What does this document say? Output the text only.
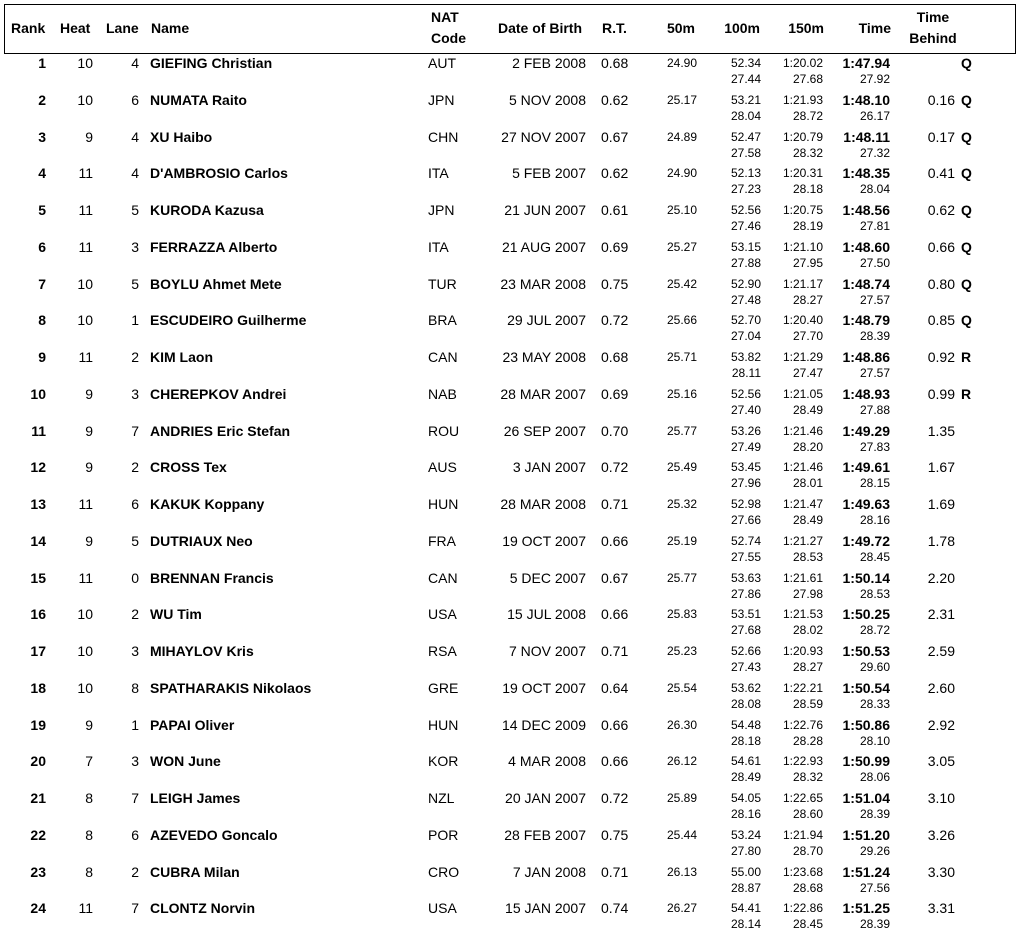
Rank Heat Lane Name
NAT
Code
Date of Birth R.T.	50m	100m	150m	Time
Time
Behind
1	10	4 GIEFING Christian	AUT	2 FEB 2008 0.68	24.90	52.34	1:20.02	1:47.94	Q
27.44	27.68	27.92
2	10	6 NUMATA Raito	JPN	5 NOV 2008 0.62	25.17	53.21	1:21.93	1:48.10	0.16 Q
28.04	28.72	26.17
3	9	4 XU Haibo	CHN	27 NOV 2007 0.67	24.89	52.47	1:20.79	1:48.11	0.17 Q
27.58	28.32	27.32
4	11	4 D'AMBROSIO Carlos	ITA	5 FEB 2007 0.62	24.90	52.13	1:20.31	1:48.35	0.41 Q
27.23	28.18	28.04
5	11	5 KURODA Kazusa	JPN	21 JUN 2007 0.61	25.10	52.56	1:20.75	1:48.56	0.62 Q
27.46	28.19	27.81
6	11	3 FERRAZZA Alberto	ITA	21 AUG 2007 0.69	25.27	53.15	1:21.10	1:48.60	0.66 Q
27.88	27.95	27.50
7	10	5 BOYLU Ahmet Mete	TUR	23 MAR 2008 0.75	25.42	52.90	1:21.17	1:48.74	0.80 Q
27.48	28.27	27.57
8	10	1 ESCUDEIRO Guilherme	BRA	29 JUL 2007 0.72	25.66	52.70	1:20.40	1:48.79	0.85 Q
27.04	27.70	28.39
9	11	2 KIM Laon	CAN	23 MAY 2008 0.68	25.71	53.82	1:21.29	1:48.86	0.92 R
28.11	27.47	27.57
10	9	3 CHEREPKOV Andrei	NAB	28 MAR 2007 0.69	25.16	52.56	1:21.05	1:48.93	0.99 R
27.40	28.49	27.88
11	9	7 ANDRIES Eric Stefan	ROU	26 SEP 2007 0.70	25.77	53.26	1:21.46	1:49.29	1.35
27.49	28.20	27.83
12	9	2 CROSS Tex	AUS	3 JAN 2007 0.72	25.49	53.45	1:21.46	1:49.61	1.67
27.96	28.01	28.15
13	11	6 KAKUK Koppany	HUN	28 MAR 2008 0.71	25.32	52.98	1:21.47	1:49.63	1.69
27.66	28.49	28.16
14	9	5 DUTRIAUX Neo	FRA	19 OCT 2007 0.66	25.19	52.74	1:21.27	1:49.72	1.78
27.55	28.53	28.45
15	11	0 BRENNAN Francis	CAN	5 DEC 2007 0.67	25.77	53.63	1:21.61	1:50.14	2.20
27.86	27.98	28.53
16	10	2 WU Tim	USA	15 JUL 2008 0.66	25.83	53.51	1:21.53	1:50.25	2.31
27.68	28.02	28.72
17	10	3 MIHAYLOV Kris	RSA	7 NOV 2007 0.71	25.23	52.66	1:20.93	1:50.53	2.59
27.43	28.27	29.60
18	10	8 SPATHARAKIS Nikolaos	GRE	19 OCT 2007 0.64	25.54	53.62	1:22.21	1:50.54	2.60
28.08	28.59	28.33
19	9	1 PAPAI Oliver	HUN	14 DEC 2009 0.66	26.30	54.48	1:22.76	1:50.86	2.92
28.18	28.28	28.10
20	7	3 WON June	KOR	4 MAR 2008 0.66	26.12	54.61	1:22.93	1:50.99	3.05
28.49	28.32	28.06
21	8	7 LEIGH James	NZL	20 JAN 2007 0.72	25.89	54.05	1:22.65	1:51.04	3.10
28.16	28.60	28.39
22	8	6 AZEVEDO Goncalo	POR	28 FEB 2007 0.75	25.44	53.24	1:21.94	1:51.20	3.26
27.80	28.70	29.26
23	8	2 CUBRA Milan	CRO	7 JAN 2008 0.71	26.13	55.00	1:23.68	1:51.24	3.30
28.87	28.68	27.56
24	11	7 CLONTZ Norvin	USA	15 JAN 2007 0.74	26.27	54.41	1:22.86	1:51.25	3.31
28.14	28.45	28.39
